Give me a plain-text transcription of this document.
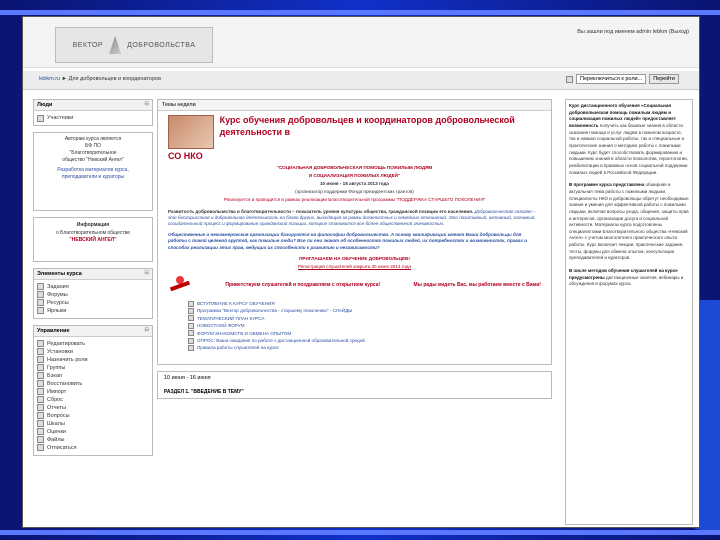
ВЕКТОР	ДОБРОВОЛЬСТВА
Вы зашли под именем admin lebkm (Выход)
lebkm.ru ► Для добровольцев и координаторов	Переключиться к роли...	Перейти
Люди	⊟
Участники
Авторам курса является
БФ ПО
"Благотворительное
общество "Невский Ангел"
Разработка материалов курса,
преподаватели и кураторы
Информация
о Благотворительном обществе
"НЕВСКИЙ АНГЕЛ"
Элементы курса	⊟
Задания
Форумы
Ресурсы
Ярлыки
Управление	⊟
Редактировать
Установки
Назначить роли
Группы
Бэкап
Восстановить
Импорт
Сброс
Отчеты
Вопросы
Шкалы
Оценки
Файлы
Отписаться
Темы недели
Курс обучения добровольцев и координаторов добровольческой деятельности в
СО НКО
"СОЦИАЛЬНАЯ ДОБРОВОЛЬЧЕСКАЯ ПОМОЩЬ ПОЖИЛЫМ ЛЮДЯМ
И СОЦИАЛИЗАЦИЯ ПОЖИЛЫХ ЛЮДЕЙ"
10 июня - 18 августа 2013 года
(организатор поддержки Фонда президентских грантов)
Реализуется и проводится в рамках реализации Благотворительной программы "ПОДДЕРЖКА СТАРШЕГО ПОКОЛЕНИЯ"
Развитость добровольчества и благотворительности – показатель уровня культуры общества, гражданской позиции его населения. Добровольчество сегодня – это бескорыстная и добровольная деятельность на благо других, выходящая за рамки должностных и семейных отношений. Это позитивный, активный, значимый, созидательный процесс и формирование гражданской позиции, которое становится все более общественной значимостью.
Общественные и некоммерческие организации базируются на философии добровольчества. А основу квалификации имеют Ваши добровольцы для работы с такой целевой группой, как пожилые люди? Все ли они знают об особенностях пожилых людей, их потребностях и возможностях, правах и способах реализации этих прав, ведущих их способности к развитию и независимости?
ПРИГЛАШАЕМ НА ОБУЧЕНИЕ ДОБРОВОЛЬЦЕВ!
Регистрация слушателей закрыта 30 июня 2013 года
Приветствуем слушателей и поздравляем с открытием курса!	Мы рады видеть Вас, мы работаем вместе с Вами!
ВСТУПЛЕНИЕ К КУРСУ ОБУЧЕНИЯ
Программа "Вектор добровольчества - старшему поколению" - СЛАЙДЫ
ТЕМАТИЧЕСКИЙ ПЛАН КУРСА
НОВОСТНОЙ ФОРУМ
ФОРУМ ЗНАКОМСТВ И ОБМЕНА ОПЫТОМ
ОПРОС: Ваши ожидания по работе с дистанционной образовательной средой
Правила работы слушателей на курсе
10 июня - 16 июня
РАЗДЕЛ 1. "ВВЕДЕНИЕ В ТЕМУ"
Курс дистанционного обучения «Социальная добровольческая помощь пожилым людям и социализация пожилых людей» предоставляет возможность получить как базовые знания в области оказания помощи и услуг людям в пожилом возрасте, так и навыки социальной работы, так и специальные и практические знания о методике работы с пожилыми людьми. Курс будет способствовать формированию и повышению знаний в области психологии, геронтологии, реабилитации и правовых основ социальной поддержки пожилых людей в Российской Федерации.
В программе курса представлена обширная и актуальная тема работы с пожилыми людьми. Специалисты НКО и добровольцы обретут необходимые знания и умения для эффективной работы с пожилыми людьми, включая вопросы ухода, общения, защиты прав и интересов, организации досуга и социальной активности. Материалы курса подготовлены специалистами Благотворительного общества «Невский Ангел» с учетом многолетнего практического опыта работы. Курс включает лекции, практические задания, тесты, форумы для обмена опытом, консультации преподавателей и кураторов.
В числе методов обучения слушателей на курсе предусмотрены дистанционные занятия, вебинары и обсуждения в форумах курса.
